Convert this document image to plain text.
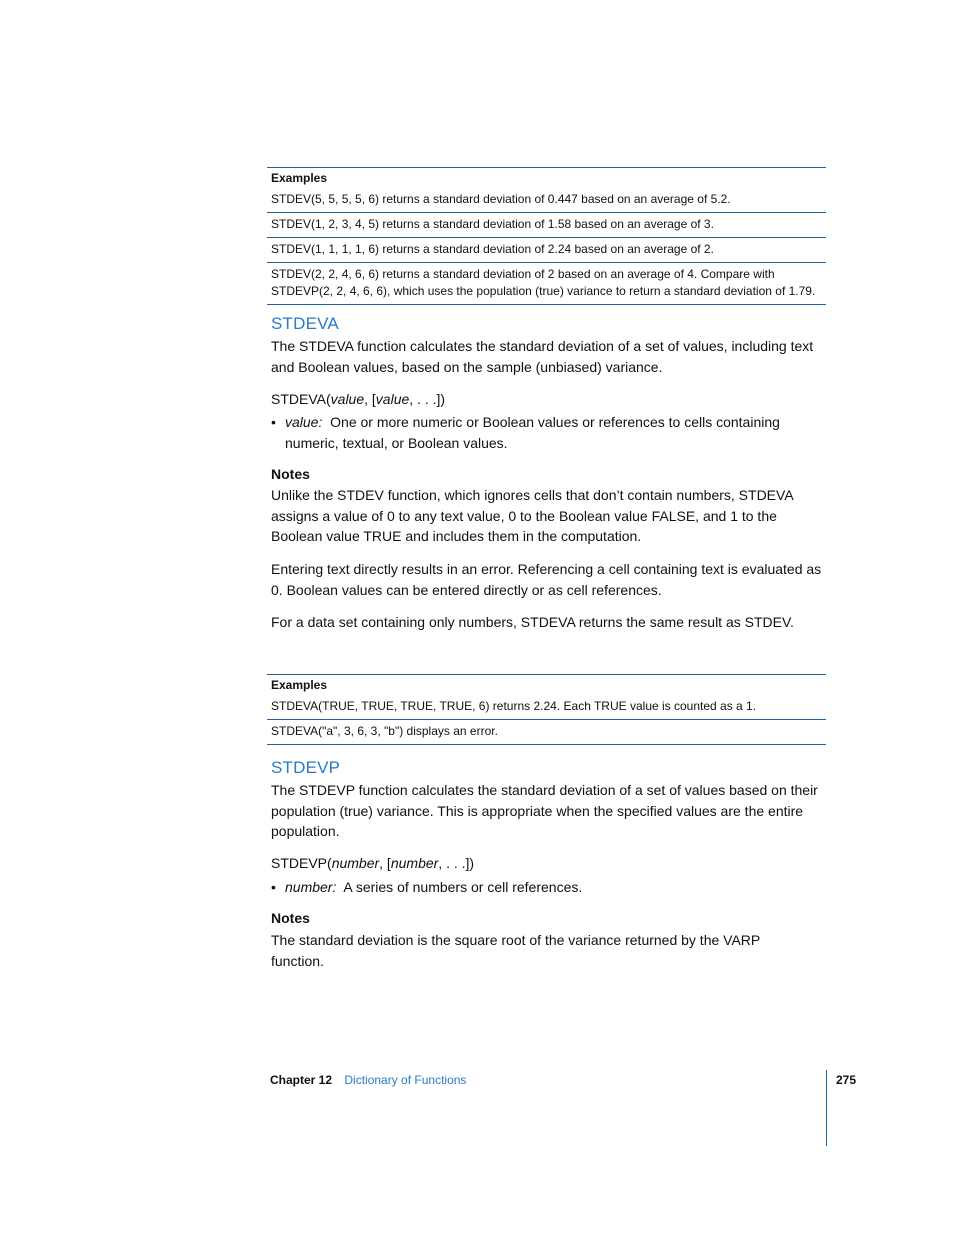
Examples
STDEV(5, 5, 5, 5, 6) returns a standard deviation of 0.447 based on an average of 5.2.
STDEV(1, 2, 3, 4, 5) returns a standard deviation of 1.58 based on an average of 3.
STDEV(1, 1, 1, 1, 6) returns a standard deviation of 2.24 based on an average of 2.
STDEV(2, 2, 4, 6, 6) returns a standard deviation of 2 based on an average of 4. Compare with STDEVP(2, 2, 4, 6, 6), which uses the population (true) variance to return a standard deviation of 1.79.
STDEVA

The STDEVA function calculates the standard deviation of a set of values, including text and Boolean values, based on the sample (unbiased) variance.

STDEVA(value, [value, . . .])
• value: One or more numeric or Boolean values or references to cells containing numeric, textual, or Boolean values.
Notes

Unlike the STDEV function, which ignores cells that don’t contain numbers, STDEVA assigns a value of 0 to any text value, 0 to the Boolean value FALSE, and 1 to the Boolean value TRUE and includes them in the computation.

Entering text directly results in an error. Referencing a cell containing text is evaluated as 0. Boolean values can be entered directly or as cell references.

For a data set containing only numbers, STDEVA returns the same result as STDEV.

Examples
STDEVA(TRUE, TRUE, TRUE, TRUE, 6) returns 2.24. Each TRUE value is counted as a 1.
STDEVA("a", 3, 6, 3, "b") displays an error.
STDEVP

The STDEVP function calculates the standard deviation of a set of values based on their population (true) variance. This is appropriate when the specified values are the entire population.

STDEVP(number, [number, . . .])
• number: A series of numbers or cell references.
Notes

The standard deviation is the square root of the variance returned by the VARP function.

Chapter 12 Dictionary of Functions	275
